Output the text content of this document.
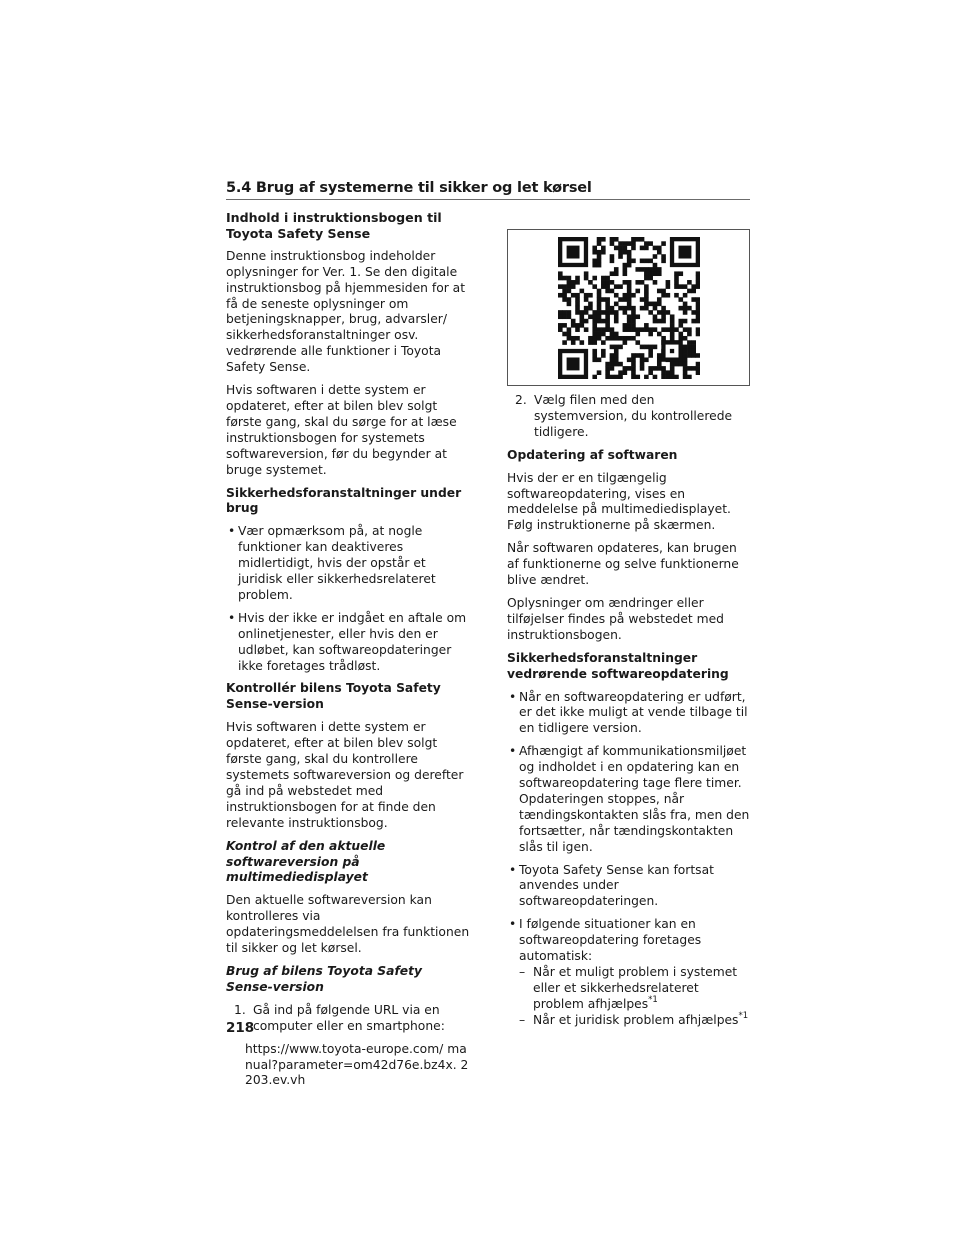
5.4 Brug af systemerne til sikker og let kørsel
Indhold i instruktionsbogen til Toyota Safety Sense

Denne instruktionsbog indeholder oplysninger for Ver. 1. Se den digitale instruktionsbog på hjemmesiden for at få de seneste oplysninger om betjeningsknapper, brug, advarsler/ sikkerhedsforanstaltninger osv. vedrørende alle funktioner i Toyota Safety Sense.

Hvis softwaren i dette system er opdateret, efter at bilen blev solgt første gang, skal du sørge for at læse instruktionsbogen for systemets softwareversion, før du begynder at bruge systemet.

Sikkerhedsforanstaltninger under brug
• Vær opmærksom på, at nogle funktioner kan deaktiveres midlertidigt, hvis der opstår et juridisk eller sikkerhedsrelateret problem.
• Hvis der ikke er indgået en aftale om onlinetjenester, eller hvis den er udløbet, kan softwareopdateringer ikke foretages trådløst.
Kontrollér bilens Toyota Safety Sense-version

Hvis softwaren i dette system er opdateret, efter at bilen blev solgt første gang, skal du kontrollere systemets softwareversion og derefter gå ind på webstedet med instruktionsbogen for at finde den relevante instruktionsbog.

Kontrol af den aktuelle softwareversion på multimediedisplayet

Den aktuelle softwareversion kan kontrolleres via opdateringsmeddelelsen fra funktionen til sikker og let kørsel.

Brug af bilens Toyota Safety Sense-version
1. Gå ind på følgende URL via en computer eller en smartphone:
https://www.toyota-europe.com/ manual?parameter=om42d76e.bz4x. 2203.ev.vh
2. Vælg filen med den systemversion, du kontrollerede tidligere.
Opdatering af softwaren

Hvis der er en tilgængelig softwareopdatering, vises en meddelelse på multimediedisplayet. Følg instruktionerne på skærmen.

Når softwaren opdateres, kan brugen af funktionerne og selve funktionerne blive ændret.

Oplysninger om ændringer eller tilføjelser findes på webstedet med instruktionsbogen.

Sikkerhedsforanstaltninger vedrørende softwareopdatering
• Når en softwareopdatering er udført, er det ikke muligt at vende tilbage til en tidligere version.
• Afhængigt af kommunikationsmiljøet og indholdet i en opdatering kan en softwareopdatering tage flere timer. Opdateringen stoppes, når tændingskontakten slås fra, men den fortsætter, når tændingskontakten slås til igen.
• Toyota Safety Sense kan fortsat anvendes under softwareopdateringen.
• I følgende situationer kan en softwareopdatering foretages automatisk:
– Når et muligt problem i systemet eller et sikkerhedsrelateret problem afhjælpes$^{*1}$
– Når et juridisk problem afhjælpes$^{*1}$
218
